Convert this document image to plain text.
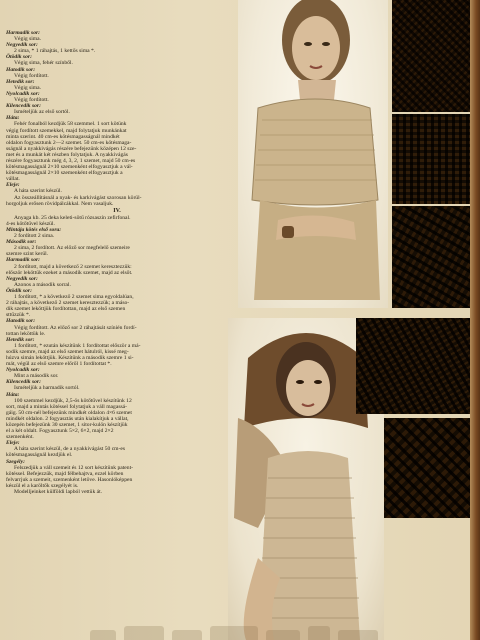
Harmadik sor:

Végig sima.

Negyedik sor:

2 sima, * 1 ráhajtás, 1 kettős sima *.

Ötödik sor:

Végig sima, fehér színből.

Hatodik sor:

Végig fordított.

Hetedik sor:

Végig sima.

Nyolcadik sor:

Végig fordított.

Kilencedik sor:

Ismételjük az első sortól.

Háta:

Fehér fonalból kezdjük 58 szemmel. 1 sort kötünk

végig fordított szemekkel, majd folytatjuk munkánkat

minta szerint. 40 cm-es kötésmagasságnál mindkét

oldalon fogyasztunk 2—2 szemet. 50 cm-es kötésmaga-

sságnál a nyakkivágás részére befejezünk középen 12 sze-

met és a munkát két részben folytatjuk. A nyakkivágás

részére fogyasztunk még 4, 3, 2, 1 szemet, majd 50 cm-es

kötésmagasságnál 2×10 szemenként elfogyasztjuk a vál-

kötésmagasságnál 2×10 szemenként elfogyasztjuk a

vállat.

Eleje:

A háta szerint készül.

Az összeállításnál a nyak- és karkivágást szorosan körül-

horgoljuk erősen rövidpálcákkal. Nem vasaljuk.

IV.

Anyaga kb. 25 deka keleti-sötű rózsaszín zefirfonal.

4-es kötőtűvel készül.

Mintája kötés első sora:

2 fordított 2 sima.

Második sor:

2 sima, 2 fordított. Az előző sor megfelelő szemeire

szemre szint kerül.

Harmadik sor:

2 fordított, majd a következő 2 szemet keresztezzük:

először leköttük ezeket a második szemet, majd az elsőt.

Negyedik sor:

Azonos a második sorral.

Ötödik sor:

1 fordított, * a következő 2 szemet sima egyoldalúan,

2 ráhajtás, a következő 2 szemet keresztezzük; a máso-

dik szemet leköttjük fordítottan, majd az első szemen

sttűzzük *.

Hatodik sor:

Végig fordított. Az előző sor 2 ráhajtását színién fordí-

tottan leköttük le.

Hetedik sor:

1 fordított, * ezután készítünk 1 fordítottat először a má-

sodik szemre, majd az első szemet hátulról, kissé meg-

húzva simán leköttjük. Készítünk a második szemre 1 si-

mát, végül az első szemre előről 1 fordítottat *.

Nyolcadik sor:

Mint a második sor.

Kilencedik sor:

Ismételjük a harmadik sortól.

Háta:

100 szemmel kezdjük, 2,5-ös kötőtűvel készítünk 12

sort, majd a mintás kötéssel folytatjuk a váll magassá-

gáig. 50 cm-nél befejezünk mindkét oldalon 4×6 szemet

mindkét oldalon. 2 fogyasztás után kialakítjuk a vállat,

közepén befejezünk 30 szemet, 1 sitor-kulön készítjük

el a két oldalt. Fogyasztunk 5×2, 6×2, majd 2×2

szemenként.

Eleje:

A háta szerint készül, de a nyakkivágást 50 cm-es

kötésmagasságnál kezdjük el.

Szegély:

Felszedjük a váll szemeit és 12 sort készítünk patent-

kötéssel. Befejezzük, majd félbehajtva, ezzel körben

felvarrjuk a szemeit, szemenként letöve. Hasonlóképpen

készül el a karöltők szegélyét is.

Modelljeinket külföldi lapból vettük át.
